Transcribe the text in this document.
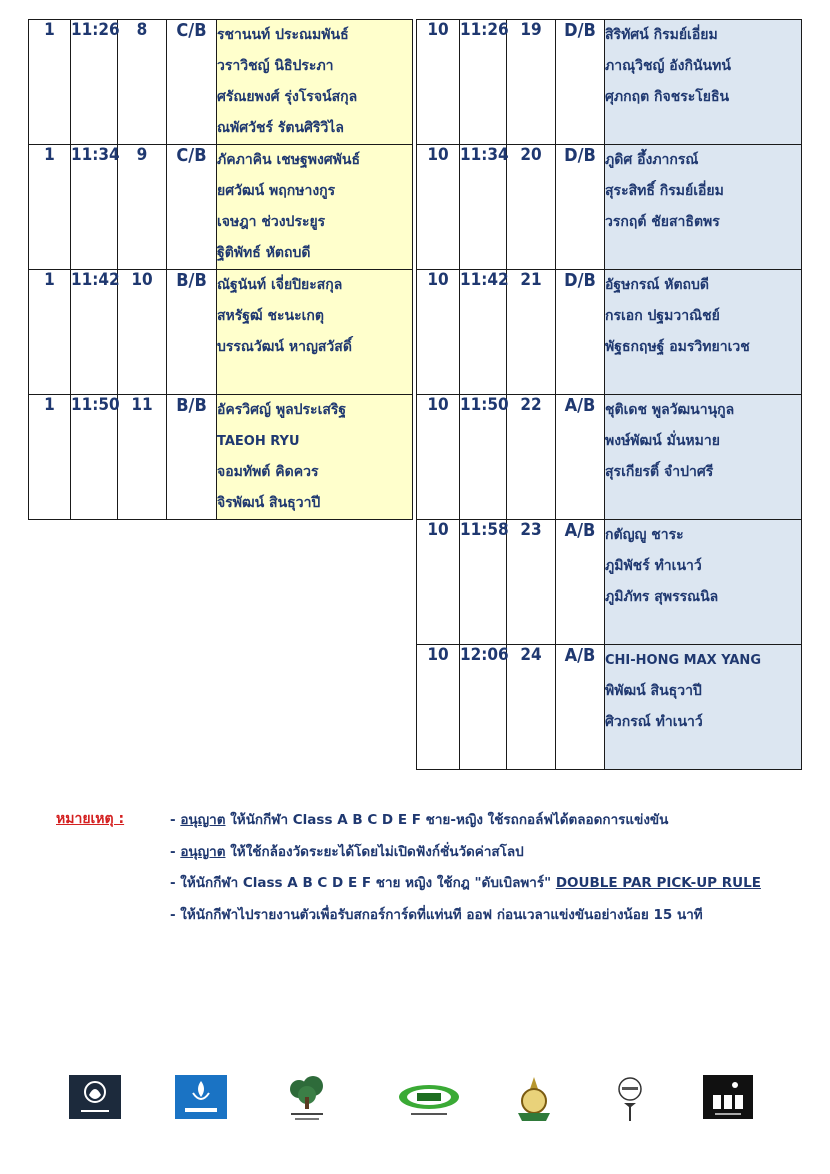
1	11:26	8	C/B	รชานนท์ ประณมพันธ์
วราวิชญ์ นิธิประภา
ศรัณยพงศ์ รุ่งโรจน์สกุล
ณพัศวัชร์ รัตนศิริวิไล

1	11:34	9	C/B	ภัคภาคิน เชษฐพงศพันธ์
ยศวัฒน์ พฤกษางกูร
เจษฎา ช่วงประยูร
ฐิติพัทธ์ หัตถบดี

1	11:42	10	B/B	ณัฐนันท์ เจี่ยปิยะสกุล
สหรัฐฒ์ ชะนะเกตุ
บรรณวัฒน์ หาญสวัสดิ์

1	11:50	11	B/B	อัครวิศญ์ พูลประเสริฐ
TAEOH RYU
จอมทัพต์ คิดควร
จิรพัฒน์ สินธุวาปี
10	11:26	19	D/B	สิริทัศน์ กิรมย์เอี่ยม
ภาณุวิชญ์ อังกินันทน์
ศุภกฤต กิจชระโยธิน

10	11:34	20	D/B	ภูดิศ อึ้งภากรณ์
สุระสิทธิ์ กิรมย์เอี่ยม
วรกฤต์ ชัยสาธิตพร

10	11:42	21	D/B	อัฐษกรณ์ หัตถบดี
กรเอก ปฐมวาณิชย์
พัฐธกฤษฐ์ อมรวิทยาเวช

10	11:50	22	A/B	ชุติเดช พูลวัฒนานุกูล
พงษ์พัฒน์ มั่นหมาย
สุรเกียรติ์ จำปาศรี

10	11:58	23	A/B	กตัญญู ชาระ
ภูมิพัชร์ ทำเนาว์
ภูมิภัทร สุพรรณนิล

10	12:06	24	A/B	CHI-HONG MAX YANG
พิพัฒน์ สินธุวาปี
ศิวกรณ์ ทำเนาว์
หมายเหตุ :	- อนุญาต ให้นักกีฬา Class A B C D E F ชาย-หญิง ใช้รถกอล์ฟได้ตลอดการแข่งขัน
- อนุญาต ให้ใช้กล้องวัดระยะได้โดยไม่เปิดฟังก์ชั่นวัดค่าสโลป
- ให้นักกีฬา Class A B C D E F ชาย หญิง ใช้กฎ "ดับเบิลพาร์" DOUBLE PAR PICK-UP RULE
- ให้นักกีฬาไปรายงานตัวเพื่อรับสกอร์การ์ดที่แท่นที ออฟ ก่อนเวลาแข่งขันอย่างน้อย 15 นาที
